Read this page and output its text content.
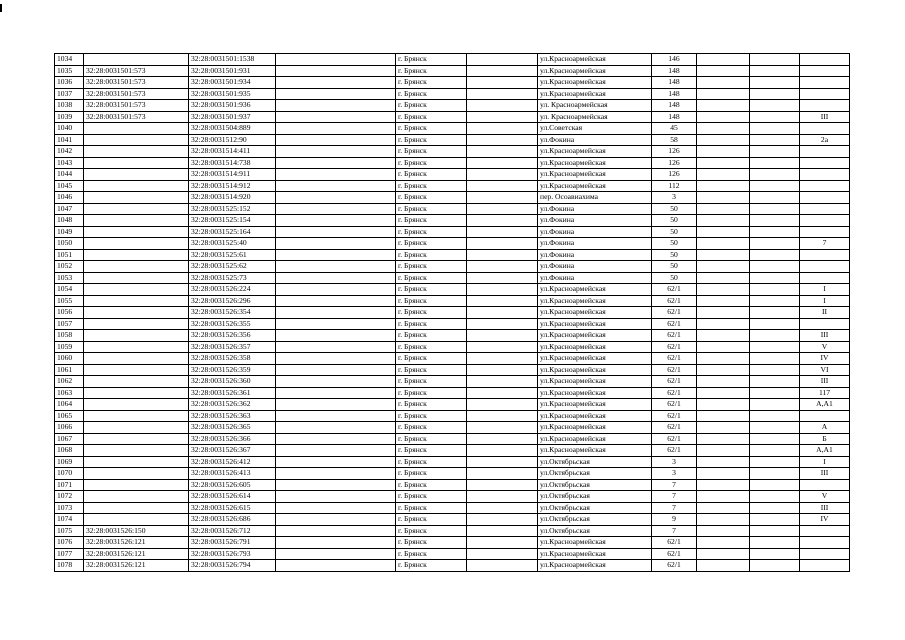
1034		32:28:0031501:1538		г. Брянск		ул.Красноармейская	146			
1035	32:28:0031501:573	32:28:0031501:931		г. Брянск		ул.Красноармейская	148			
1036	32:28:0031501:573	32:28:0031501:934		г. Брянск		ул.Красноармейская	148			
1037	32:28:0031501:573	32:28:0031501:935		г. Брянск		ул.Красноармейская	148			
1038	32:28:0031501:573	32:28:0031501:936		г. Брянск		ул. Красноармейская	148			
1039	32:28:0031501:573	32:28:0031501:937		г. Брянск		ул. Красноармейская	148			III
1040		32:28:0031504:889		г. Брянск		ул.Советская	45			
1041		32:28:0031512:90		г. Брянск		ул.Фокина	58			2а
1042		32:28:0031514:411		г. Брянск		ул.Красноармейская	126			
1043		32:28:0031514:738		г. Брянск		ул.Красноармейская	126			
1044		32:28:0031514:911		г. Брянск		ул.Красноармейская	126			
1045		32:28:0031514:912		г. Брянск		ул.Красноармейская	112			
1046		32:28:0031514:920		г. Брянск		пер. Осоавиахима	3			
1047		32:28:0031525:152		г. Брянск		ул.Фокина	50			
1048		32:28:0031525:154		г. Брянск		ул.Фокина	50			
1049		32:28:0031525:164		г. Брянск		ул.Фокина	50			
1050		32:28:0031525:40		г. Брянск		ул.Фокина	50			7
1051		32:28:0031525:61		г. Брянск		ул.Фокина	50			
1052		32:28:0031525:62		г. Брянск		ул.Фокина	50			
1053		32:28:0031525:73		г. Брянск		ул.Фокина	50			
1054		32:28:0031526:224		г. Брянск		ул.Красноармейская	62/1			I
1055		32:28:0031526:296		г. Брянск		ул.Красноармейская	62/1			I
1056		32:28:0031526:354		г. Брянск		ул.Красноармейская	62/1			II
1057		32:28:0031526:355		г. Брянск		ул.Красноармейская	62/1			
1058		32:28:0031526:356		г. Брянск		ул.Красноармейская	62/1			III
1059		32:28:0031526:357		г. Брянск		ул.Красноармейская	62/1			V
1060		32:28:0031526:358		г. Брянск		ул.Красноармейская	62/1			IV
1061		32:28:0031526:359		г. Брянск		ул.Красноармейская	62/1			VI
1062		32:28:0031526:360		г. Брянск		ул.Красноармейская	62/1			III
1063		32:28:0031526:361		г. Брянск		ул.Красноармейская	62/1			117
1064		32:28:0031526:362		г. Брянск		ул.Красноармейская	62/1			А,А1
1065		32:28:0031526:363		г. Брянск		ул.Красноармейская	62/1			
1066		32:28:0031526:365		г. Брянск		ул.Красноармейская	62/1			А
1067		32:28:0031526:366		г. Брянск		ул.Красноармейская	62/1			Б
1068		32:28:0031526:367		г. Брянск		ул.Красноармейская	62/1			А,А1
1069		32:28:0031526:412		г. Брянск		ул.Октябрьская	3			I
1070		32:28:0031526:413		г. Брянск		ул.Октябрьская	3			III
1071		32:28:0031526:605		г. Брянск		ул.Октябрьская	7			
1072		32:28:0031526:614		г. Брянск		ул.Октябрьская	7			V
1073		32:28:0031526:615		г. Брянск		ул.Октябрьская	7			III
1074		32:28:0031526:686		г. Брянск		ул.Октябрьская	9			IV
1075	32:28:0031526:150	32:28:0031526:712		г. Брянск		ул.Октябрьская	7			
1076	32:28:0031526:121	32:28:0031526:791		г. Брянск		ул.Красноармейская	62/1			
1077	32:28:0031526:121	32:28:0031526:793		г. Брянск		ул.Красноармейская	62/1			
1078	32:28:0031526:121	32:28:0031526:794		г. Брянск		ул.Красноармейская	62/1			
